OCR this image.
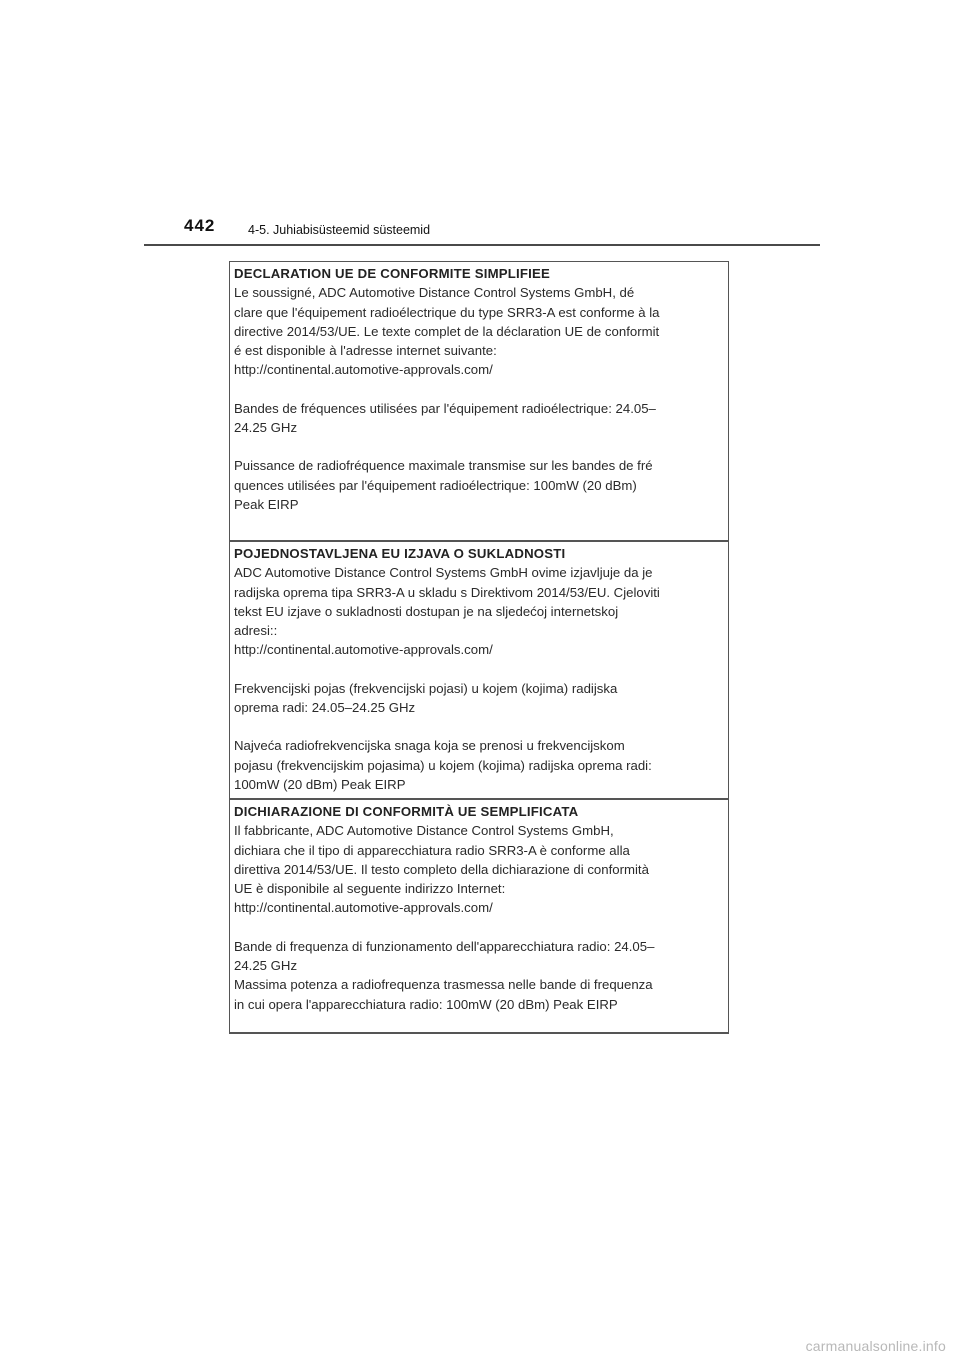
442	4-5. Juhiabisüsteemid süsteemid

DECLARATION UE DE CONFORMITE SIMPLIFIEE

Le soussigné, ADC Automotive Distance Control Systems GmbH, dé
clare que l'équipement radioélectrique du type SRR3-A est conforme à la
directive 2014/53/UE. Le texte complet de la déclaration UE de conformit
é est disponible à l'adresse internet suivante:
http://continental.automotive-approvals.com/

Bandes de fréquences utilisées par l'équipement radioélectrique: 24.05–
24.25 GHz

Puissance de radiofréquence maximale transmise sur les bandes de fré
quences utilisées par l'équipement radioélectrique: 100mW (20 dBm)
Peak EIRP

POJEDNOSTAVLJENA EU IZJAVA O SUKLADNOSTI

ADC Automotive Distance Control Systems GmbH ovime izjavljuje da je
radijska oprema tipa SRR3-A u skladu s Direktivom 2014/53/EU. Cjeloviti
tekst EU izjave o sukladnosti dostupan je na sljedećoj internetskoj
adresi::
http://continental.automotive-approvals.com/

Frekvencijski pojas (frekvencijski pojasi) u kojem (kojima) radijska
oprema radi: 24.05–24.25 GHz

Najveća radiofrekvencijska snaga koja se prenosi u frekvencijskom
pojasu (frekvencijskim pojasima) u kojem (kojima) radijska oprema radi:
100mW (20 dBm) Peak EIRP

DICHIARAZIONE DI CONFORMITÀ UE SEMPLIFICATA

Il fabbricante, ADC Automotive Distance Control Systems GmbH,
dichiara che il tipo di apparecchiatura radio SRR3-A è conforme alla
direttiva 2014/53/UE. Il testo completo della dichiarazione di conformità
UE è disponibile al seguente indirizzo Internet:
http://continental.automotive-approvals.com/

Bande di frequenza di funzionamento dell'apparecchiatura radio: 24.05–
24.25 GHz
Massima potenza a radiofrequenza trasmessa nelle bande di frequenza
in cui opera l'apparecchiatura radio: 100mW (20 dBm) Peak EIRP

carmanualsonline.info
